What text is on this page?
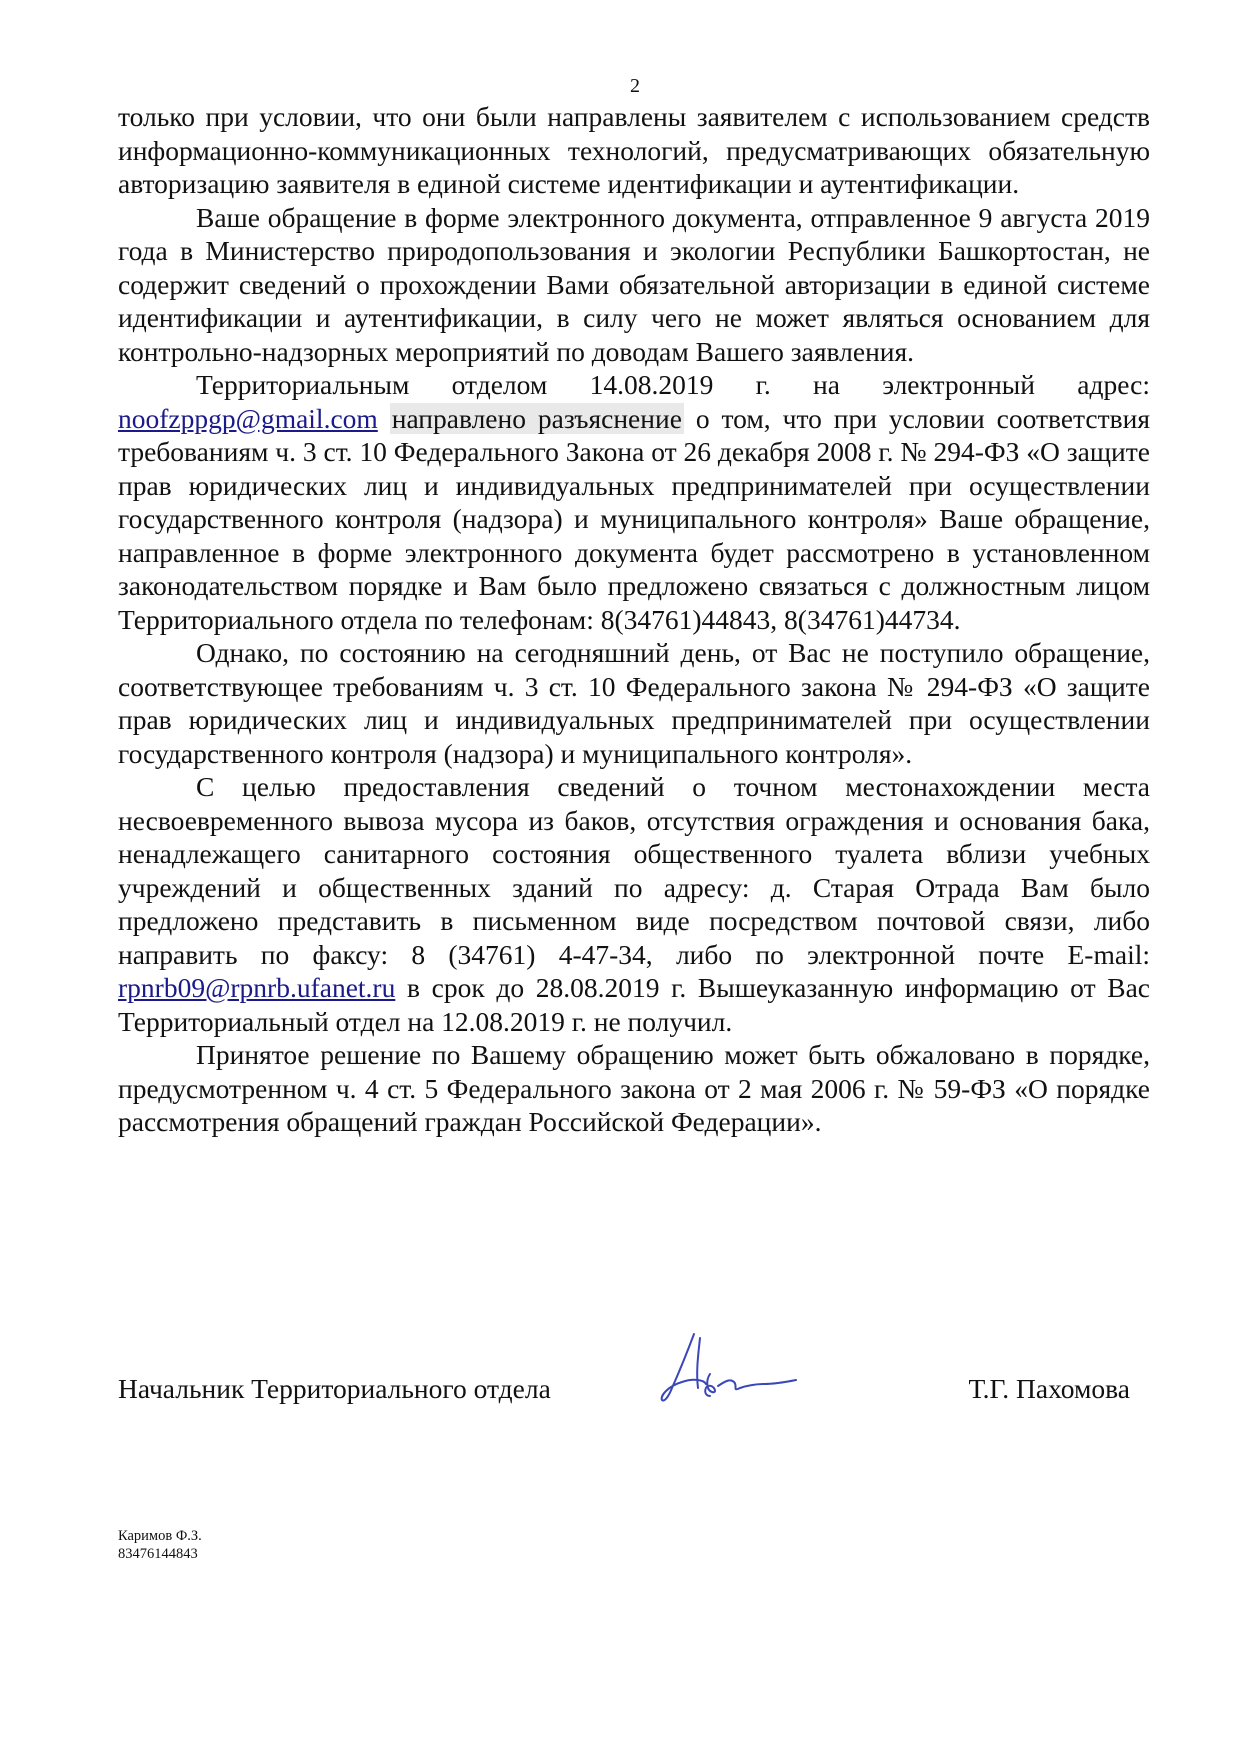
2

только при условии, что они были направлены заявителем с использованием средств информационно-коммуникационных технологий, предусматривающих обязательную авторизацию заявителя в единой системе идентификации и аутентификации.

Ваше обращение в форме электронного документа, отправленное 9 августа 2019 года в Министерство природопользования и экологии Республики Башкортостан, не содержит сведений о прохождении Вами обязательной авторизации в единой системе идентификации и аутентификации, в силу чего не может являться основанием для контрольно-надзорных мероприятий по доводам Вашего заявления.

Территориальным отделом 14.08.2019 г. на электронный адрес: noofzppgp@gmail.com направлено разъяснение о том, что при условии соответствия требованиям ч. 3 ст. 10 Федерального Закона от 26 декабря 2008 г. № 294-ФЗ «О защите прав юридических лиц и индивидуальных предпринимателей при осуществлении государственного контроля (надзора) и муниципального контроля» Ваше обращение, направленное в форме электронного документа будет рассмотрено в установленном законодательством порядке и Вам было предложено связаться с должностным лицом Территориального отдела по телефонам: 8(34761)44843, 8(34761)44734.

Однако, по состоянию на сегодняшний день, от Вас не поступило обращение, соответствующее требованиям ч. 3 ст. 10 Федерального закона № 294-ФЗ «О защите прав юридических лиц и индивидуальных предпринимателей при осуществлении государственного контроля (надзора) и муниципального контроля».

С целью предоставления сведений о точном местонахождении места несвоевременного вывоза мусора из баков, отсутствия ограждения и основания бака, ненадлежащего санитарного состояния общественного туалета вблизи учебных учреждений и общественных зданий по адресу: д. Старая Отрада Вам было предложено представить в письменном виде посредством почтовой связи, либо направить по факсу: 8 (34761) 4-47-34, либо по электронной почте E-mail: rpnrb09@rpnrb.ufanet.ru в срок до 28.08.2019 г. Вышеуказанную информацию от Вас Территориальный отдел на 12.08.2019 г. не получил.

Принятое решение по Вашему обращению может быть обжаловано в порядке, предусмотренном ч. 4 ст. 5 Федерального закона от 2 мая 2006 г. № 59-ФЗ «О порядке рассмотрения обращений граждан Российской Федерации».

Начальник Территориального отдела	Т.Г. Пахомова
Каримов Ф.З.
83476144843
